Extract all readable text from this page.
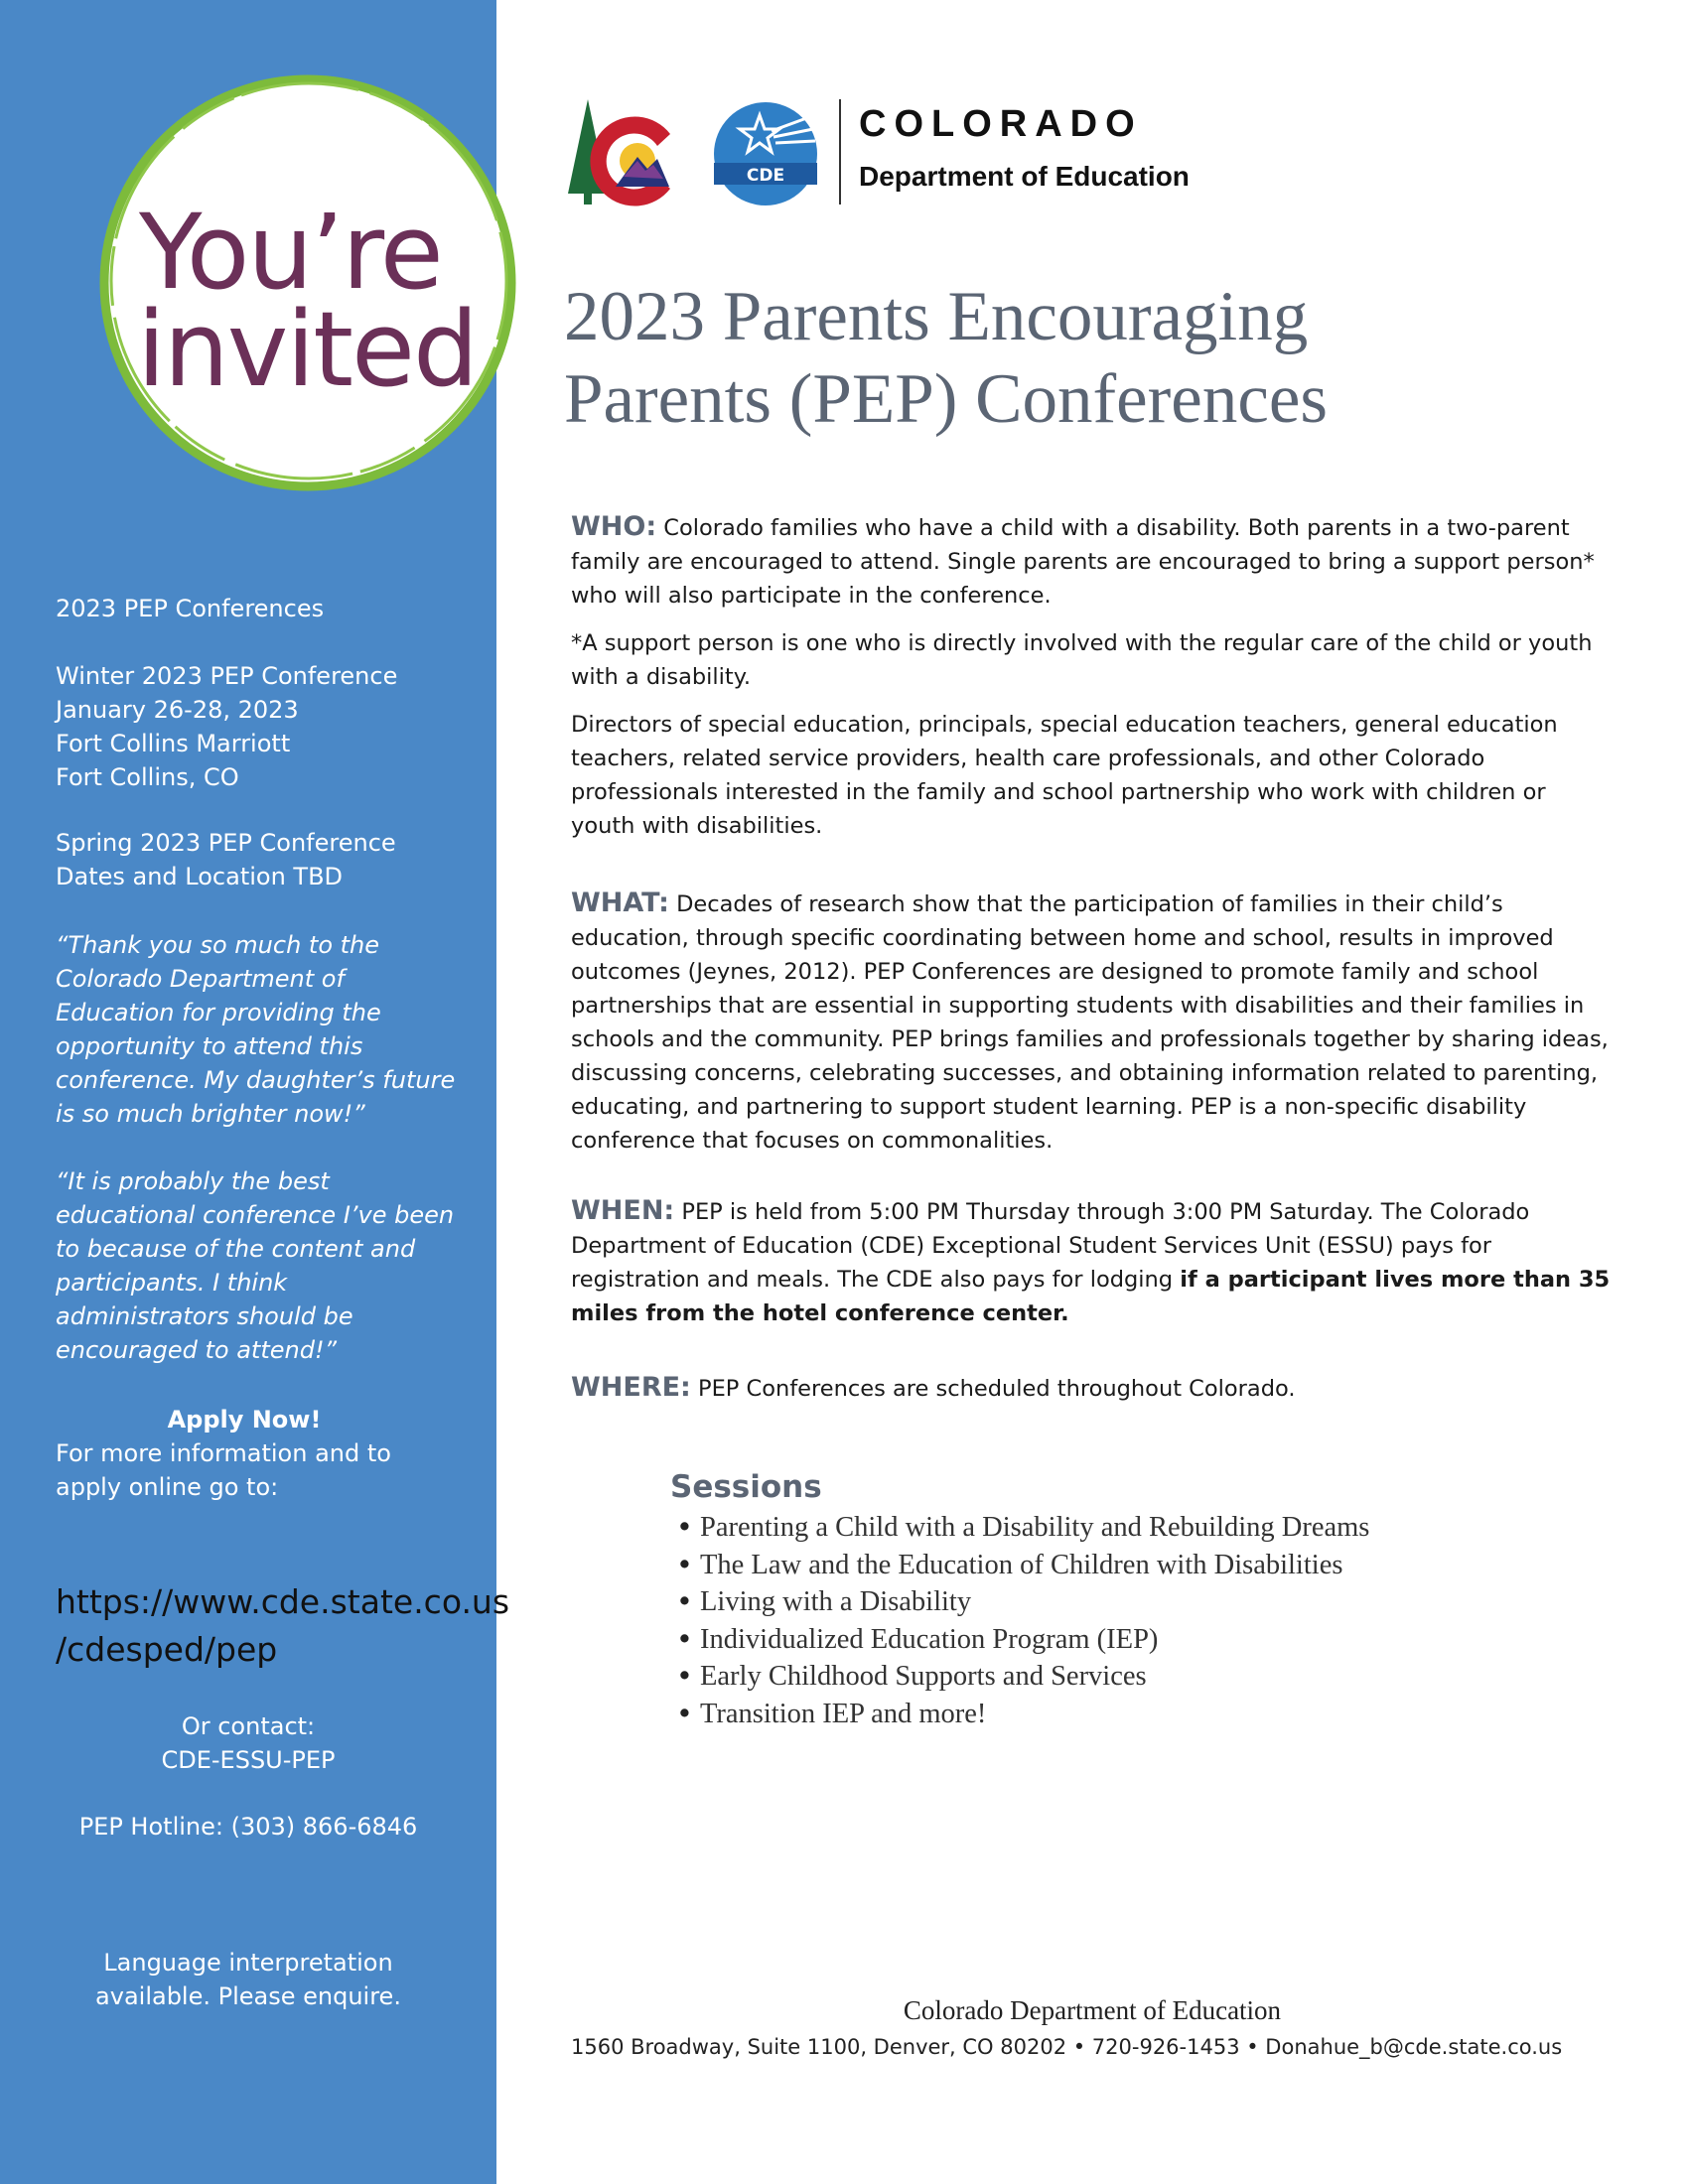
You’re
invited
2023 PEP Conferences
Winter 2023 PEP Conference
January 26-28, 2023
Fort Collins Marriott
Fort Collins, CO
Spring 2023 PEP Conference
Dates and Location TBD
“Thank you so much to the
Colorado Department of
Education for providing the
opportunity to attend this
conference. My daughter’s future
is so much brighter now!”
“It is probably the best
educational conference I’ve been
to because of the content and
participants. I think
administrators should be
encouraged to attend!”
Apply Now!
For more information and to
apply online go to:
https://www.cde.state.co.us
/cdesped/pep
Or contact:
CDE-ESSU-PEP
PEP Hotline: (303) 866-6846
Language interpretation
available. Please enquire.
CDE
COLORADO
Department of Education
2023 Parents Encouraging
Parents (PEP) Conferences

WHO: Colorado families who have a child with a disability. Both parents in a two-parent family are encouraged to attend. Single parents are encouraged to bring a support person* who will also participate in the conference.

*A support person is one who is directly involved with the regular care of the child or youth with a disability.

Directors of special education, principals, special education teachers, general education teachers, related service providers, health care professionals, and other Colorado professionals interested in the family and school partnership who work with children or youth with disabilities.

WHAT: Decades of research show that the participation of families in their child’s education, through specific coordinating between home and school, results in improved outcomes (Jeynes, 2012). PEP Conferences are designed to promote family and school partnerships that are essential in supporting students with disabilities and their families in schools and the community. PEP brings families and professionals together by sharing ideas, discussing concerns, celebrating successes, and obtaining information related to parenting, educating, and partnering to support student learning. PEP is a non-specific disability conference that focuses on commonalities.

WHEN: PEP is held from 5:00 PM Thursday through 3:00 PM Saturday. The Colorado Department of Education (CDE) Exceptional Student Services Unit (ESSU) pays for registration and meals. The CDE also pays for lodging if a participant lives more than 35 miles from the hotel conference center.

WHERE: PEP Conferences are scheduled throughout Colorado.

Sessions
• Parenting a Child with a Disability and Rebuilding Dreams
• The Law and the Education of Children with Disabilities
• Living with a Disability
• Individualized Education Program (IEP)
• Early Childhood Supports and Services
• Transition IEP and more!
Colorado Department of Education
1560 Broadway, Suite 1100, Denver, CO 80202 • 720-926-1453 • Donahue_b@cde.state.co.us
